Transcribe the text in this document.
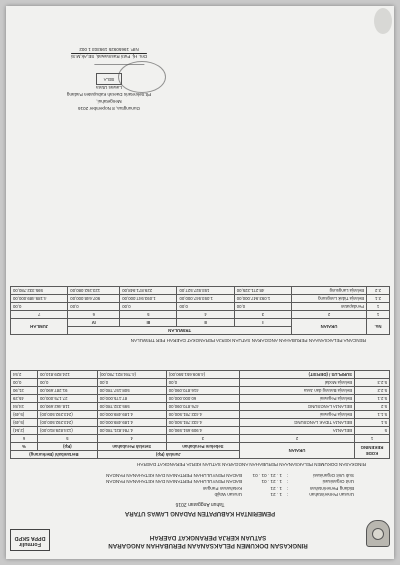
RINGKASAN DOKUMEN PELAKSANAAN PERUBAHAN ANGGARAN
SATUAN KERJA PERANGKAT DAERAH
Formulir
DPPA SKPD
PEMERINTAH KABUPATEN PADANG LAWAS UTARA
Tahun Anggaran 2016
Urusan Pemerintahan
:
1 . 21
Urusan Wajib
Bidang Pemerintahan
:
1 . 21
Ketahanan Pangan
Unit Organisasi
:
1 . 21 . 01
BADAN PENYULUHAN PERTANIAN DAN KETAHANAN PANGAN
Sub Unit Organisasi
:
1 . 21 . 01 . 01
BADAN PENYULUHAN PERTANIAN DAN KETAHANAN PANGAN
RINGKASAN DOKUMEN PELAKSANAAN PERUBAHAN ANGGARAN SATUAN KERJA PERANGKAT DAERAH
KODE REKENING	URAIAN	Jumlah (Rp)		Bertambah/ (Berkurang)	
		Sebelum Perubahan	Setelah Perubahan	(Rp)	%
1	2	3	4	5	6
5	BELANJA	4.909.651.590,00	4.784.821.780,00	(124.829.810,00)	(2,54)
5.1	BELANJA TIDAK LANGSUNG	4.432.781.500,00	4.189.489.000,00	(243.292.500,00)	(5,49)
5.1.1	Belanja Pegawai	4.432.781.500,00	4.189.489.000,00	(243.292.500,00)	(5,49)
5.2	BELANJA LANGSUNG	476.870.090,00	595.332.780,00	118.462.690,00	24,84
5.2.1	Belanja Pegawai	60.000.000,00	87.175.000,00	27.175.000,00	45,29
5.2.2	Belanja Barang dan Jasa	416.870.090,00	508.157.780,00	91.287.690,00	21,90
5.2.3	Belanja Modal	0,00	0,00	0,00	0,00
	SURPLUS / (DEFISIT)	(4.909.651.590,00)	(4.784.821.780,00)	124.829.810,00	2,54
RENCANA PELAKSANAAN PERUBAHAN ANGGARAN SATUAN KERJA PERANGKAT DAERAH PER TRIWULAN
No.	URAIAN	TRIWULAN				JUMLAH
		I	II	III	IV	
1	2	3	4	5	6	7
1	Pendapatan	0,00	0,00	0,00	0,00	0,00
2.1	Belanja Tidak Langsung	1.093.947.000,00	1.093.947.000,00	1.093.947.000,00	907.648.000,00	4.189.489.000,00
2.2	Belanja Langsung	48.271.225,00	193.927.527,00	229.871.948,00	123.262.080,00	595.332.780,00
Gunungtua, 8 Nopember 2016
Mengetahui,
Plt.Sekretaris Daerah Kabupaten Padang
Lawas Utara
SELA
Drs. Hj. Putri Rasmawati, SE,Ak,M.Si
NIP. 19650925 199303 1 002
